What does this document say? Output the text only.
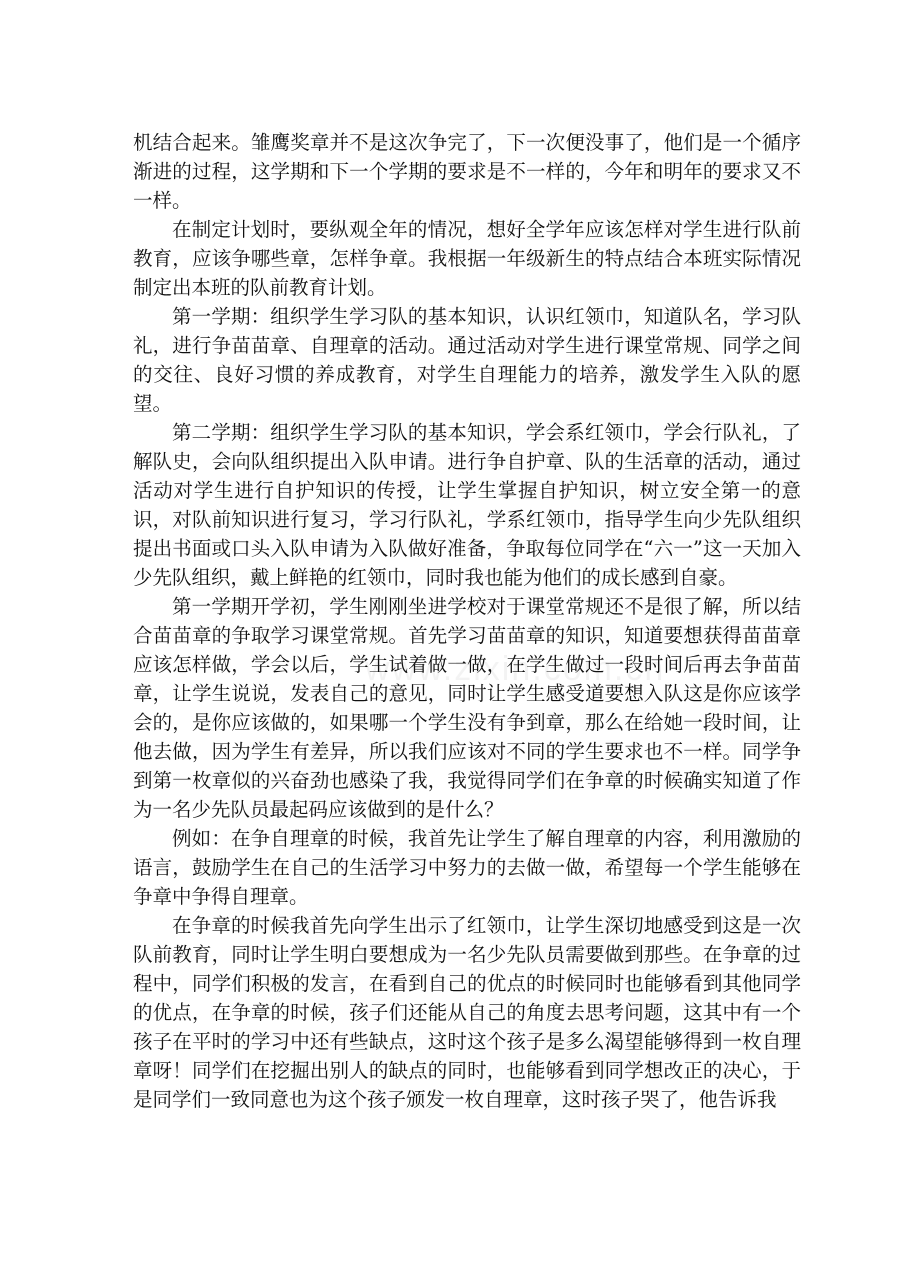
机结合起来。雏鹰奖章并不是这次争完了，下一次便没事了，他们是一个循序渐进的过程，这学期和下一个学期的要求是不一样的，今年和明年的要求又不一样。

在制定计划时，要纵观全年的情况，想好全学年应该怎样对学生进行队前教育，应该争哪些章，怎样争章。我根据一年级新生的特点结合本班实际情况制定出本班的队前教育计划。

第一学期：组织学生学习队的基本知识，认识红领巾，知道队名，学习队礼，进行争苗苗章、自理章的活动。通过活动对学生进行课堂常规、同学之间的交往、良好习惯的养成教育，对学生自理能力的培养，激发学生入队的愿望。

第二学期：组织学生学习队的基本知识，学会系红领巾，学会行队礼，了解队史，会向队组织提出入队申请。进行争自护章、队的生活章的活动，通过活动对学生进行自护知识的传授，让学生掌握自护知识，树立安全第一的意识，对队前知识进行复习，学习行队礼，学系红领巾，指导学生向少先队组织提出书面或口头入队申请为入队做好准备，争取每位同学在“六一”这一天加入少先队组织，戴上鲜艳的红领巾，同时我也能为他们的成长感到自豪。

第一学期开学初，学生刚刚坐进学校对于课堂常规还不是很了解，所以结合苗苗章的争取学习课堂常规。首先学习苗苗章的知识，知道要想获得苗苗章应该怎样做，学会以后，学生试着做一做，在学生做过一段时间后再去争苗苗章，让学生说说，发表自己的意见，同时让学生感受道要想入队这是你应该学会的，是你应该做的，如果哪一个学生没有争到章，那么在给她一段时间，让他去做，因为学生有差异，所以我们应该对不同的学生要求也不一样。同学争到第一枚章似的兴奋劲也感染了我，我觉得同学们在争章的时候确实知道了作为一名少先队员最起码应该做到的是什么？

例如：在争自理章的时候，我首先让学生了解自理章的内容，利用激励的语言，鼓励学生在自己的生活学习中努力的去做一做，希望每一个学生能够在争章中争得自理章。

在争章的时候我首先向学生出示了红领巾，让学生深切地感受到这是一次队前教育，同时让学生明白要想成为一名少先队员需要做到那些。在争章的过程中，同学们积极的发言，在看到自己的优点的时候同时也能够看到其他同学的优点，在争章的时候，孩子们还能从自己的角度去思考问题，这其中有一个孩子在平时的学习中还有些缺点，这时这个孩子是多么渴望能够得到一枚自理章呀！同学们在挖掘出别人的缺点的同时，也能够看到同学想改正的决心，于是同学们一致同意也为这个孩子颁发一枚自理章，这时孩子哭了，他告诉我
